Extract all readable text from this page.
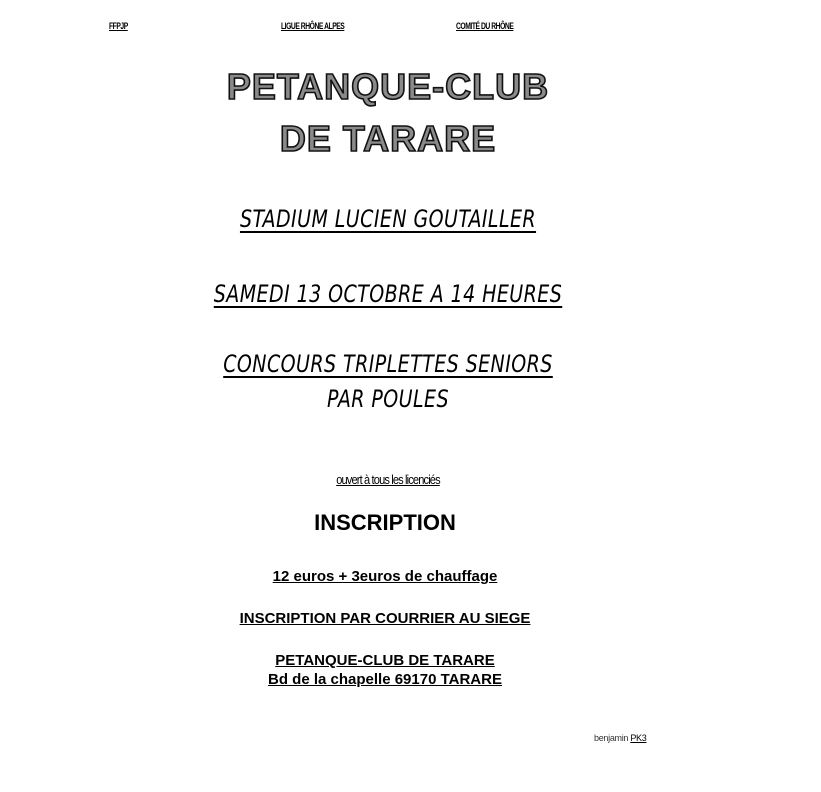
FFPJP	LIGUE RHÔNE ALPES	COMITÉ DU RHÔNE
PETANQUE-CLUB
DE TARARE
STADIUM LUCIEN GOUTAILLER
SAMEDI 13 OCTOBRE A 14 HEURES
CONCOURS TRIPLETTES SENIORS
PAR POULES
ouvert à tous les licenciés
INSCRIPTION
12 euros + 3euros de chauffage
INSCRIPTION PAR COURRIER AU SIEGE
PETANQUE-CLUB DE TARARE
Bd de la chapelle 69170 TARARE
benjamin PK3
